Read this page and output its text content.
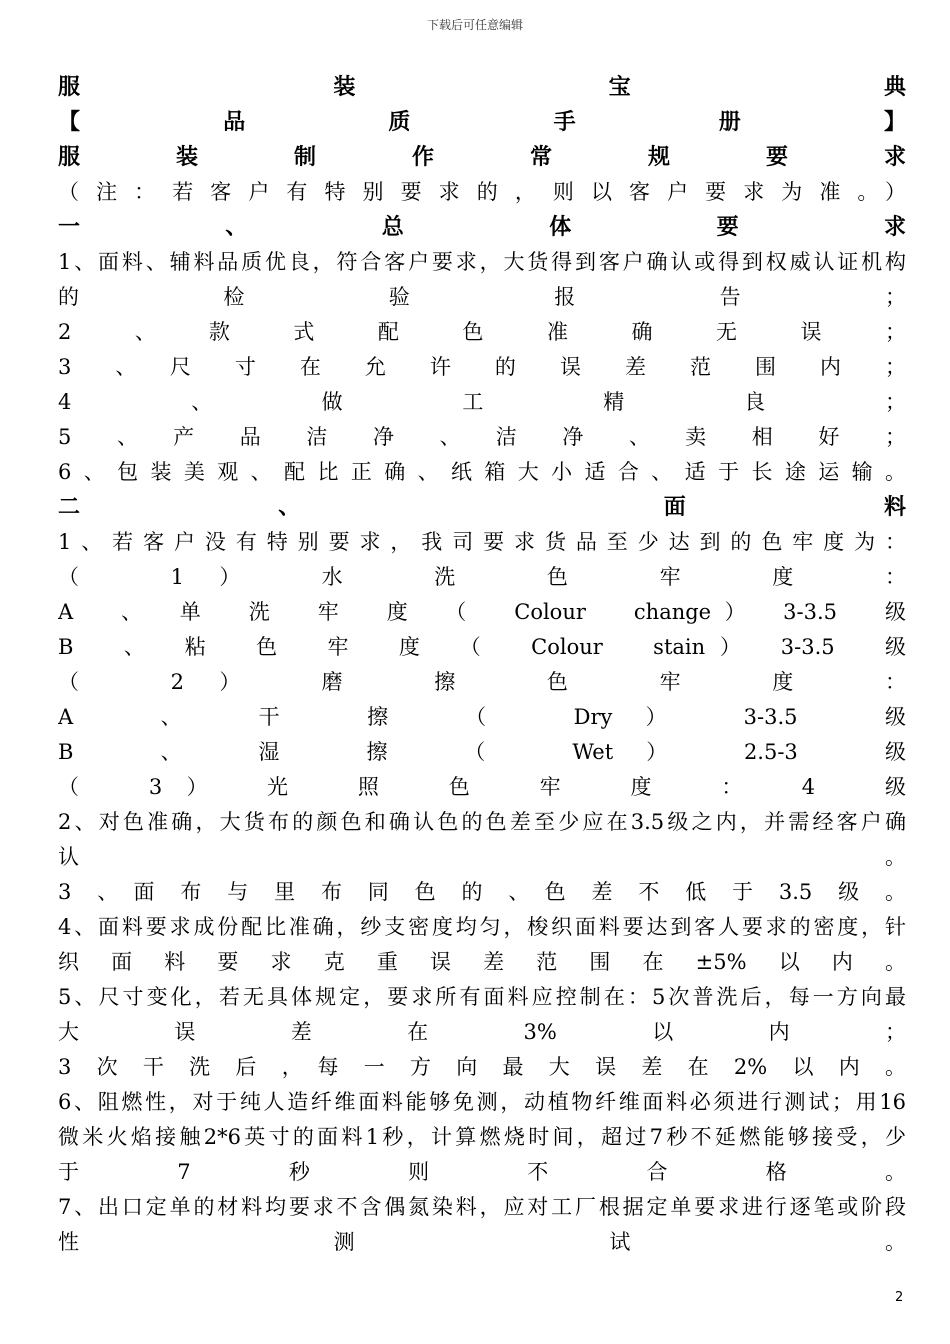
下载后可任意编辑
服　　装　　宝　　典
【　　品　　质　　手　　册　　】
服　装　制　作　常　规　要　求
（注：若客户有特别要求的，则以客户要求为准。）
一　　、　　总　　体　　要　　求
1、面料、辅料品质优良，符合客户要求，大货得到客户确认或得到权威认证机构
的　　检　　验　　报　　告　　；
2　、　款　式　配　色　准　确　无　误　；
3　、　尺　寸　在　允　许　的　误　差　范　围　内　；
4　　、　　做　　工　　精　　良　　；
5　、　产　品　洁　净　、　洁　净　、　卖　相　好　；
6、包装美观、配比正确、纸箱大小适合、适于长途运输。
二　　　　、　　　　　　　　面　　　　料
1、若客户没有特别要求，我司要求货品至少达到的色牢度为：
（　1）　水　洗　色　牢　度　：
A　、　单　洗　牢　度　（　Colour　change）　3-3.5　级
B　、　粘　色　牢　度　（　Colour　stain）　3-3.5　级
（　2）　磨　擦　色　牢　度　：
A　、　干　擦　（　Dry）　3-3.5　级
B　、　湿　擦　（　Wet）　2.5-3　级
（　3）　光　照　色　牢　度　：　4　级
2、对色准确，大货布的颜色和确认色的色差至少应在3.5级之内，并需经客户确
认　　　　　　　　　　　　　　　　　　　　。
3　、　面　布　与　里　布　同　色　的　、　色　差　不　低　于　3.5　级　。
4、面料要求成份配比准确，纱支密度均匀，梭织面料要达到客人要求的密度，针
织　面　料　要　求　克　重　误　差　范　围　在　±5%　以　内　。
5、尺寸变化，若无具体规定，要求所有面料应控制在：5次普洗后，每一方向最
大　　误　　差　　在　　3%　　以　　内　　；
3　次　干　洗　后　，　每　一　方　向　最　大　误　差　在　2%　以　内　。
6、阻燃性，对于纯人造纤维面料能够免测，动植物纤维面料必须进行测试；用16
微米火焰接触2*6英寸的面料1秒，计算燃烧时间，超过7秒不延燃能够接受，少
于　　7　　秒　　则　　不　　合　　格　　。
7、出口定单的材料均要求不含偶氮染料，应对工厂根据定单要求进行逐笔或阶段
性　　　　　　测　　　　　　试　　　　　　。
2
